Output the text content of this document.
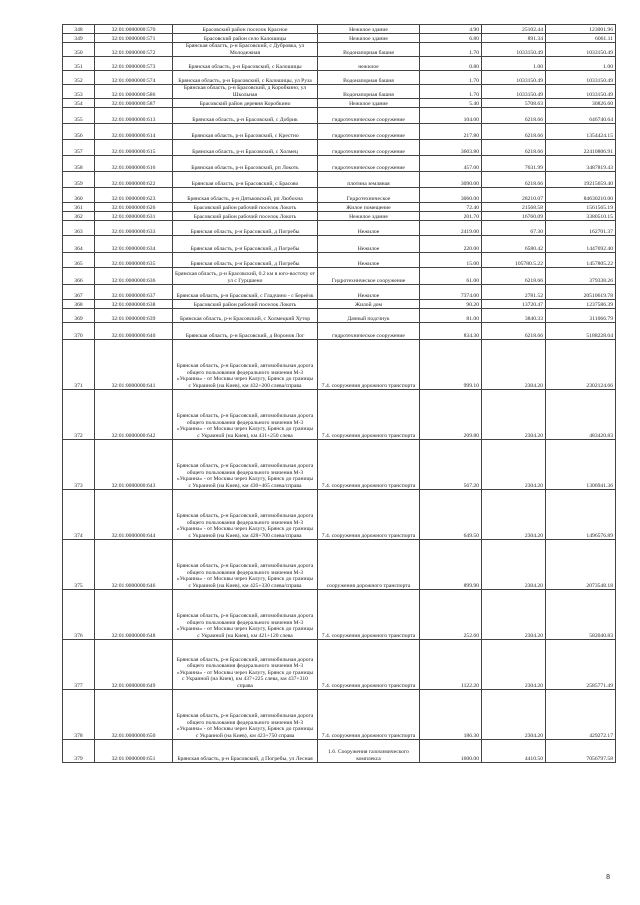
348	32:01:0000000:570	Брасовский район поселок Красное	Нежилое здание	4.90	25102.44	123001.96
349	32:01:0000000:571	Брасовский район село Калошицы	Нежилое здание	6.80	891.34	6061.11
350	32:01:0000000:572	Брянская область, р-н Брасовский, с Дубровка, ул Молодежная	Водонапорная башня	1.70	1033150.49	1033150.49
351	32:01:0000000:573	Брянская область, р-н Брасовский, с Калошицы	нежилое	0.80	1.00	1.00
352	32:01:0000000:574	Брянская область, р-н Брасовский, с Калошицы, ул Руза	Водонапорная башня	1.70	1033150.49	1033150.49
353	32:01:0000000:586	Брянская область, р-н Брасовский, д Коробкино, ул Школьная	Водонапорная башня	1.70	1033150.49	1033150.49
354	32:01:0000000:587	Брасовский район деревня Коробкино	Нежилое здание	5.40	5708.63	30826.60
355	32:01:0000000:613	Брянская область, р-н Брасовский, с Добрик	гидротехническое сооружение	104.00	6218.66	646740.64
356	32:01:0000000:614	Брянская область, р-н Брасовский, с Крестно	гидротехническое сооружение	217.80	6218.66	1354424.15
357	32:01:0000000:615	Брянская область, р-н Брасовский, с Холмец	гидротехническое сооружение	3603.80	6218.66	22410806.91
358	32:01:0000000:616	Брянская область, р-н Брасовский, рп Локоть	гидротехническое сооружение	457.00	7631.99	3487819.43
359	32:01:0000000:622	Брянская область, р-н Брасовский, с Брасово	плотина земляная	3090.00	6218.66	19215659.40
360	32:01:0000000:623	Брянская область, р-н Дятьковский, рп Любохна	Гидротехническое	3060.00	28210.07	84630210.00
361	32:01:0000000:626	Брасовский район рабочий поселок Локоть	Жилое помещение	72.40	21568.58	1561565.19
362	32:01:0000000:631	Брасовский район рабочий поселок Локоть	Нежилое здание	201.70	16760.09	3380510.15
363	32:01:0000000:633	Брянская область, р-н Брасовский, д Погребы	Нежилое	2419.00	67.30	162701.37
364	32:01:0000000:634	Брянская область, р-н Брасовский, д Погребы	Нежилое	220.00	6580.42	1447692.40
365	32:01:0000000:635	Брянская область, р-н Брасовский, д Погребы	Нежилое	15.00	105780.5.22	1457805.22
366	32:01:0000000:636	Брянская область, р-н Брасовский, 0.2 км в юго-восточу от ул с Гурцшено	Гидротехническое сооружение	61.00	6218.66	379338.26
367	32:01:0000000:637	Брянская область, р-н Брасовский, с Гладчино - с Береёзк	Нежилое	7374.00	2781.52	20510619.78
368	32:01:0000000:638	Брасовский район рабочий поселок Локоть	Жилой дом	90.20	13720.47	1237586.39
369	32:01:0000000:639	Брянская область, р-н Брасовский, с Холмецкий Хутор	Дачный подсчнук	81.00	3840.33	311066.79
370	32:01:0000000:640	Брянская область, р-н Брасовский, д Воронов Лог	гидротехническое сооружение	834.30	6218.66	5188228.04
371	32:01:0000000:641	Брянская область, р-н Брасовский, автомобильная дорога общего пользования федерального значения М-3 «Украина» - от Москвы через Калугу, Брянск до границы с Украиной (на Киев), км 432+200 слева/справа	7.4. сооружения дорожного транспорта	999.10	2304.20	2302124.66
372	32:01:0000000:642	Брянская область, р-н Брасовский, автомобильная дорога общего пользования федерального значения М-3 «Украина» - от Москвы через Калугу, Брянск до границы с Украиной (на Киев), км 431+250 слева	7.4. сооружения дорожного транспорта	209.80	2304.20	483420.83
373	32:01:0000000:643	Брянская область, р-н Брасовский, автомобильная дорога общего пользования федерального значения М-3 «Украина» - от Москвы через Калугу, Брянск до границы с Украиной (на Киев), км 430+465 слева/справа	7.4. сооружения дорожного транспорта	567.20	2304.20	1306941.36
374	32:01:0000000:644	Брянская область, р-н Брасовский, автомобильная дорога общего пользования федерального значения М-3 «Украина» - от Москвы через Калугу, Брянск до границы с Украиной (на Киев), км 428+700 слева/справа	7.4. сооружения дорожного транспорта	649.50	2304.20	1496576.89
375	32:01:0000000:646	Брянская область, р-н Брасовский, автомобильная дорога общего пользования федерального значения М-3 «Украина» - от Москвы через Калугу, Брянск до границы с Украиной (на Киев), км 425+330 слева/справа	сооружения дорожного транспорта	899.90	2304.20	2073548.18
376	32:01:0000000:648	Брянская область, р-н Брасовский, автомобильная дорога общего пользования федерального значения М-3 «Украина» - от Москвы через Калугу, Брянск до границы с Украиной (на Киев), км 421+120 слева	7.4. сооружения дорожного транспорта	252.60	2304.20	582040.83
377	32:01:0000000:649	Брянская область, р-н Брасовский, автомобильная дорога общего пользования федерального значения М-3 «Украина» - от Москвы через Калугу, Брянск до границы с Украиной (на Киев), км 437+225 слева, км 437+310 справа	7.4. сооружения дорожного транспорта	1122.20	2304.20	2585771.49
378	32:01:0000000:650	Брянская область, р-н Брасовский, автомобильная дорога общего пользования федерального значения М-3 «Украина» - от Москвы через Калугу, Брянск до границы с Украиной (на Киев), км 423+750 справа	7.4. сооружения дорожного транспорта	186.30	2304.20	429272.17
379	32:01:0000000:651	Брянская область, р-н Брасовский, д Погребы, ул Лесная	1.6. Сооружения газохимического комплекса	1600.00	4410.50	7056797.58
8
